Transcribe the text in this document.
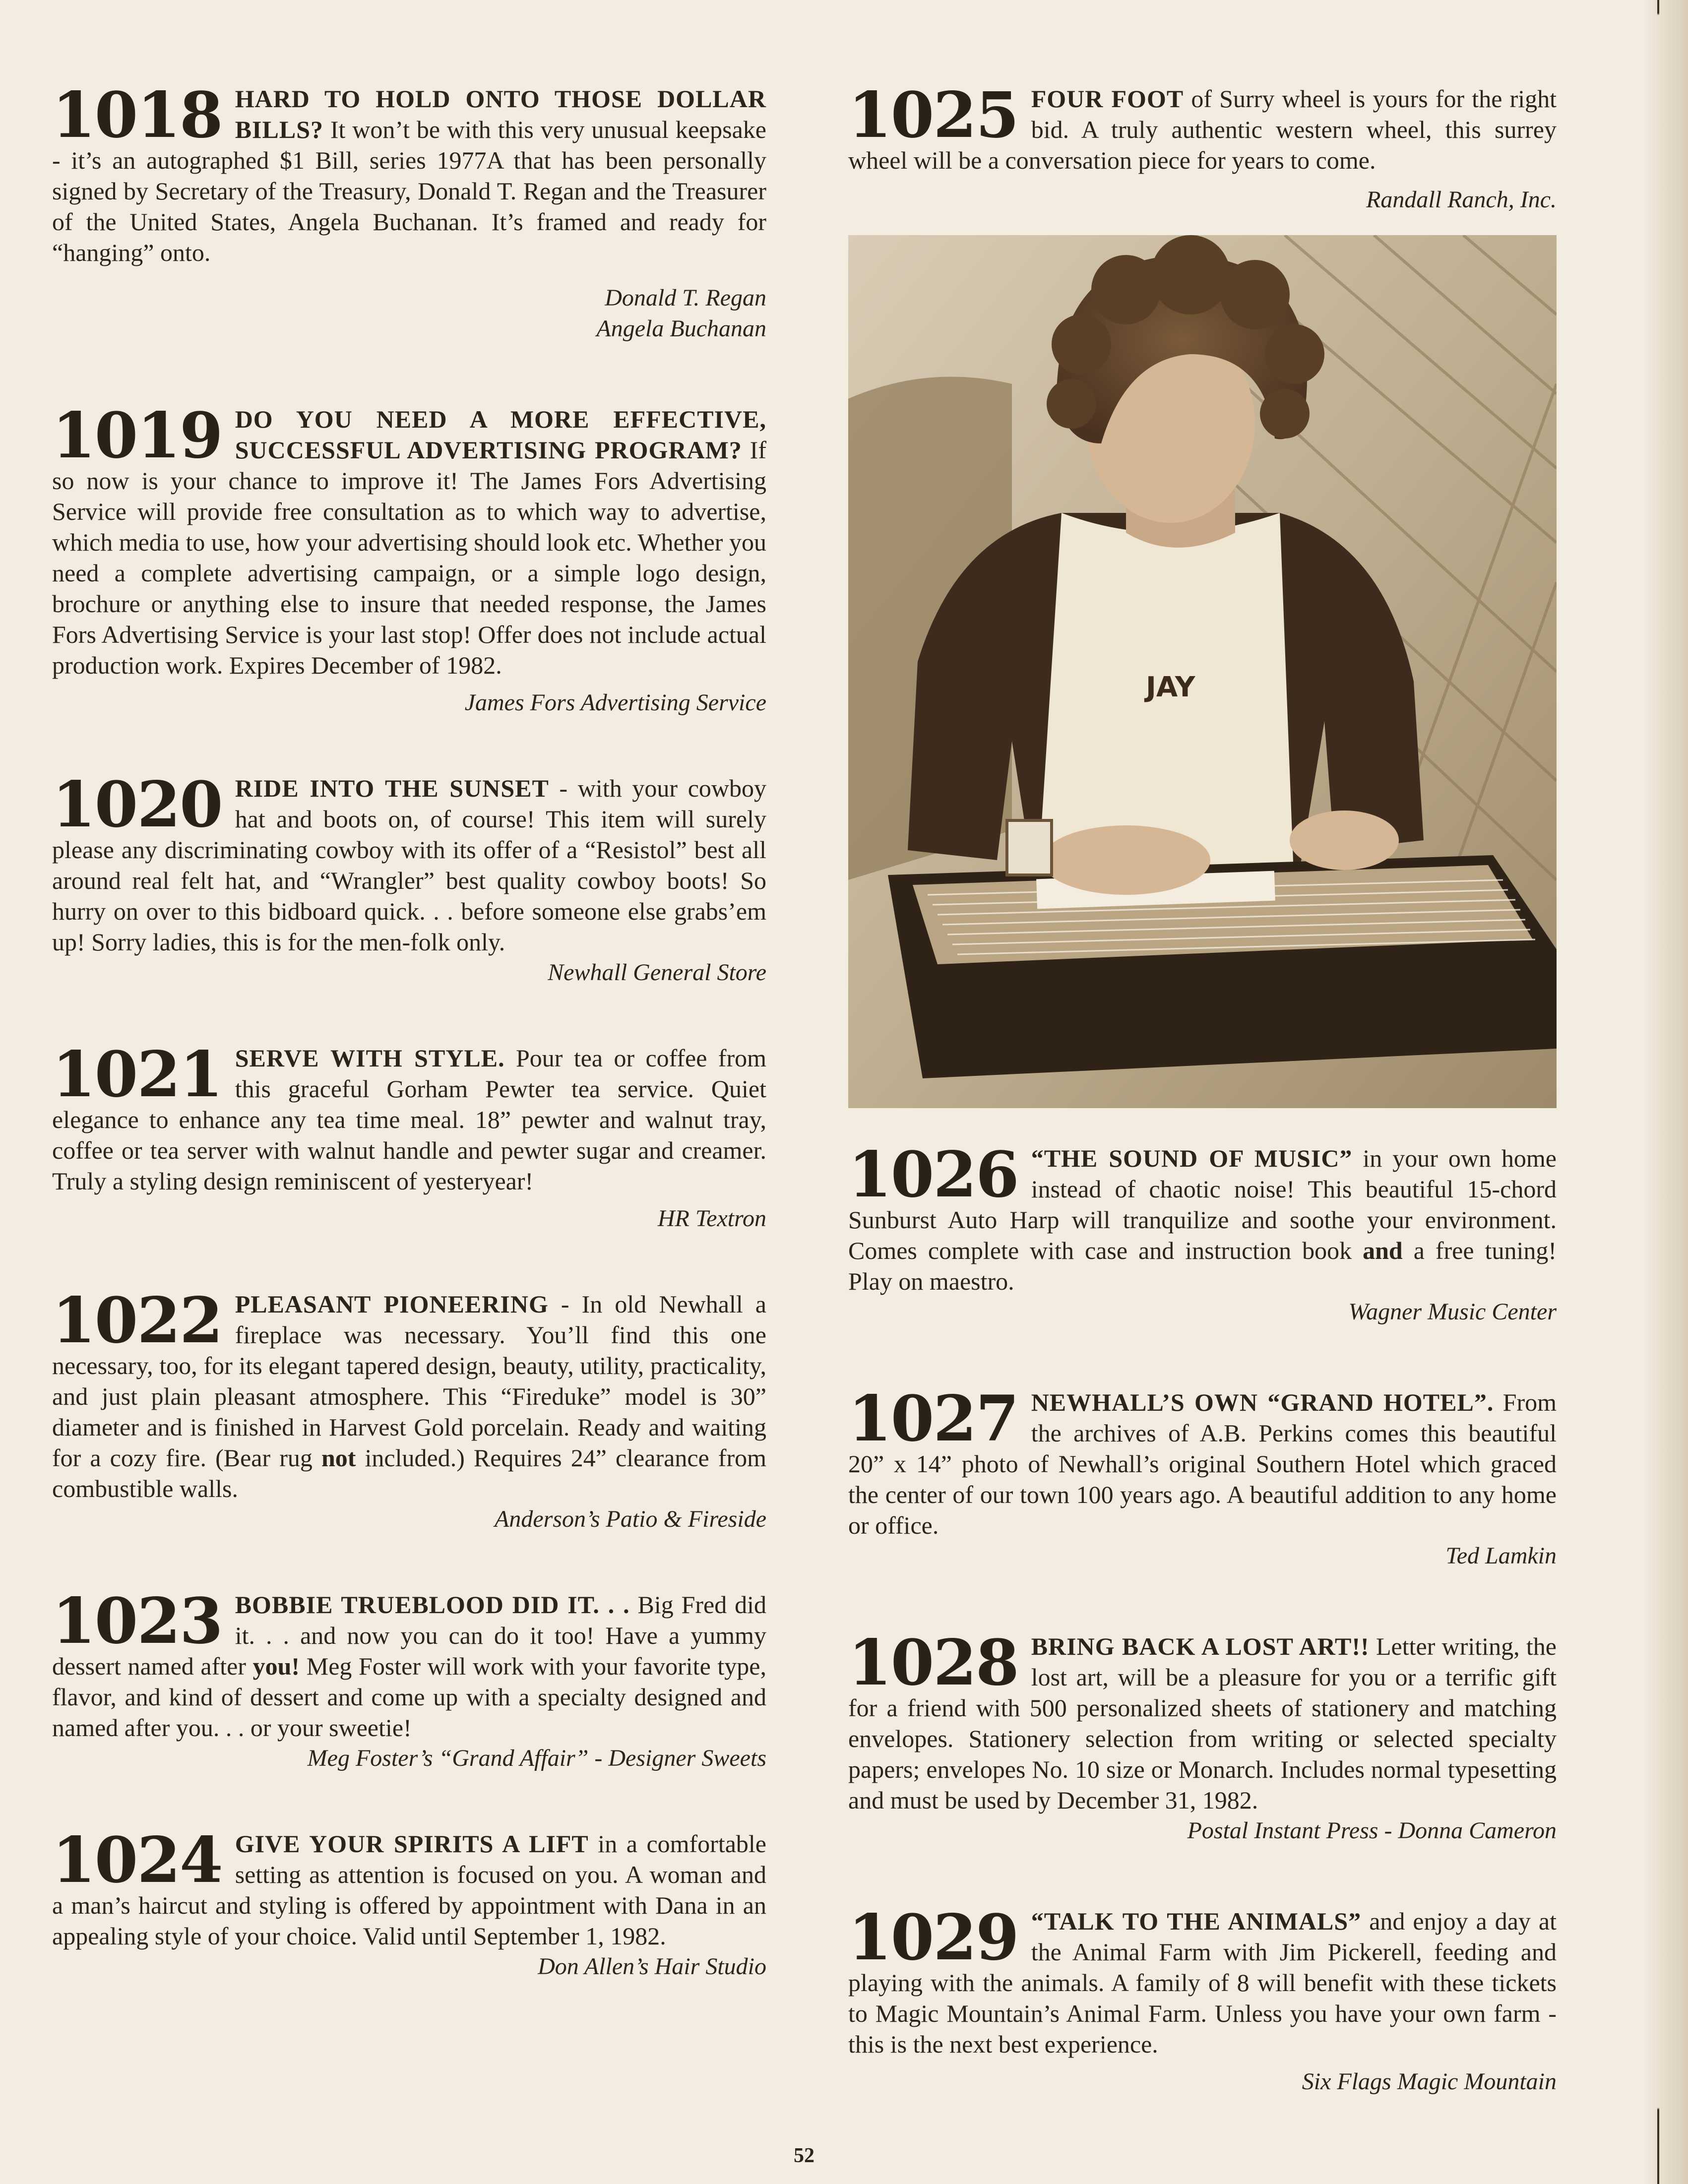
1018 HARD TO HOLD ONTO THOSE DOLLAR BILLS? It won’t be with this very unusual keepsake - it’s an autographed $1 Bill, series 1977A that has been personally signed by Secretary of the Treasury, Donald T. Regan and the Treasurer of the United States, Angela Buchanan. It’s framed and ready for “hanging” onto.

Donald T. Regan
Angela Buchanan

1019 DO YOU NEED A MORE EFFECTIVE, SUCCESSFUL ADVERTISING PROGRAM? If so now is your chance to improve it! The James Fors Advertising Service will provide free consultation as to which way to advertise, which media to use, how your advertising should look etc. Whether you need a complete advertising campaign, or a simple logo design, brochure or anything else to insure that needed response, the James Fors Advertising Service is your last stop! Offer does not include actual production work. Expires December of 1982.

James Fors Advertising Service

1020 RIDE INTO THE SUNSET - with your cowboy hat and boots on, of course! This item will surely please any discriminating cowboy with its offer of a “Resistol” best all around real felt hat, and “Wrangler” best quality cowboy boots! So hurry on over to this bidboard quick. . . before someone else grabs’em up! Sorry ladies, this is for the men-folk only.

Newhall General Store

1021 SERVE WITH STYLE. Pour tea or coffee from this graceful Gorham Pewter tea service. Quiet elegance to enhance any tea time meal. 18” pewter and walnut tray, coffee or tea server with walnut handle and pewter sugar and creamer. Truly a styling design reminiscent of yesteryear!

HR Textron

1022 PLEASANT PIONEERING - In old Newhall a fireplace was necessary. You’ll find this one necessary, too, for its elegant tapered design, beauty, utility, practicality, and just plain pleasant atmosphere. This “Fireduke” model is 30” diameter and is finished in Harvest Gold porcelain. Ready and waiting for a cozy fire. (Bear rug not included.) Requires 24” clearance from combustible walls.

Anderson’s Patio & Fireside

1023 BOBBIE TRUEBLOOD DID IT. . . Big Fred did it. . . and now you can do it too! Have a yummy dessert named after you! Meg Foster will work with your favorite type, flavor, and kind of dessert and come up with a specialty designed and named after you. . . or your sweetie!

Meg Foster’s “Grand Affair” - Designer Sweets

1024 GIVE YOUR SPIRITS A LIFT in a comfortable setting as attention is focused on you. A woman and a man’s haircut and styling is offered by appointment with Dana in an appealing style of your choice. Valid until September 1, 1982.

Don Allen’s Hair Studio

1025 FOUR FOOT of Surry wheel is yours for the right bid. A truly authentic western wheel, this surrey wheel will be a conversation piece for years to come.

Randall Ranch, Inc.

JAY

1026 “THE SOUND OF MUSIC” in your own home instead of chaotic noise! This beautiful 15-chord Sunburst Auto Harp will tranquilize and soothe your environment. Comes complete with case and instruction book and a free tuning! Play on maestro.

Wagner Music Center

1027 NEWHALL’S OWN “GRAND HOTEL”. From the archives of A.B. Perkins comes this beautiful 20” x 14” photo of Newhall’s original Southern Hotel which graced the center of our town 100 years ago. A beautiful addition to any home or office.

Ted Lamkin

1028 BRING BACK A LOST ART!! Letter writing, the lost art, will be a pleasure for you or a terrific gift for a friend with 500 personalized sheets of stationery and matching envelopes. Stationery selection from writing or selected specialty papers; envelopes No. 10 size or Monarch. Includes normal typesetting and must be used by December 31, 1982.

Postal Instant Press - Donna Cameron

1029 “TALK TO THE ANIMALS” and enjoy a day at the Animal Farm with Jim Pickerell, feeding and playing with the animals. A family of 8 will benefit with these tickets to Magic Mountain’s Animal Farm. Unless you have your own farm - this is the next best experience.

Six Flags Magic Mountain

52
